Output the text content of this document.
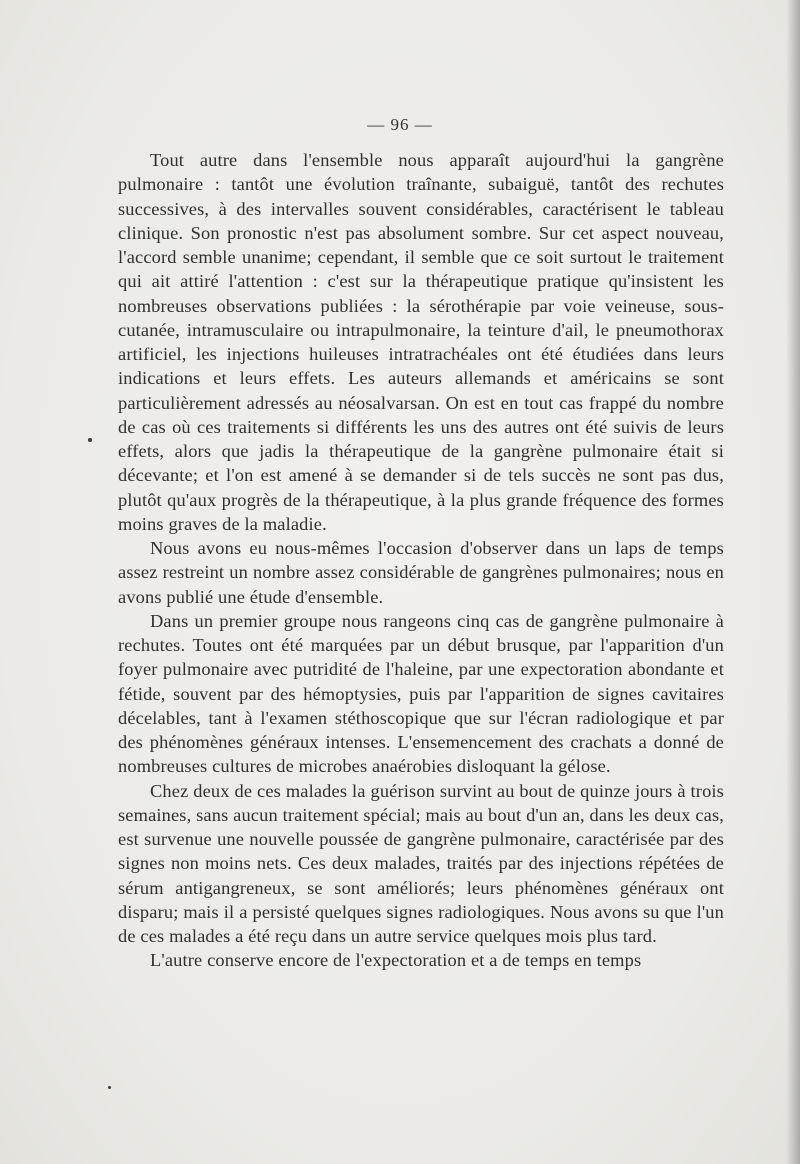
— 96 —

Tout autre dans l'ensemble nous apparaît aujourd'hui la gangrène pulmonaire : tantôt une évolution traînante, subaiguë, tantôt des rechutes successives, à des intervalles souvent considérables, caractérisent le tableau clinique. Son pronostic n'est pas absolument sombre. Sur cet aspect nouveau, l'accord semble unanime; cependant, il semble que ce soit surtout le traitement qui ait attiré l'attention : c'est sur la thérapeutique pratique qu'insistent les nombreuses observations publiées : la sérothérapie par voie veineuse, sous-cutanée, intramusculaire ou intrapulmonaire, la teinture d'ail, le pneumothorax artificiel, les injections huileuses intratrachéales ont été étudiées dans leurs indications et leurs effets. Les auteurs allemands et américains se sont particulièrement adressés au néosalvarsan. On est en tout cas frappé du nombre de cas où ces traitements si différents les uns des autres ont été suivis de leurs effets, alors que jadis la thérapeutique de la gangrène pulmonaire était si décevante; et l'on est amené à se demander si de tels succès ne sont pas dus, plutôt qu'aux progrès de la thérapeutique, à la plus grande fréquence des formes moins graves de la maladie.

Nous avons eu nous-mêmes l'occasion d'observer dans un laps de temps assez restreint un nombre assez considérable de gangrènes pulmonaires; nous en avons publié une étude d'ensemble.

Dans un premier groupe nous rangeons cinq cas de gangrène pulmonaire à rechutes. Toutes ont été marquées par un début brusque, par l'apparition d'un foyer pulmonaire avec putridité de l'haleine, par une expectoration abondante et fétide, souvent par des hémoptysies, puis par l'apparition de signes cavitaires décelables, tant à l'examen stéthoscopique que sur l'écran radiologique et par des phénomènes généraux intenses. L'ensemencement des crachats a donné de nombreuses cultures de microbes anaérobies disloquant la gélose.

Chez deux de ces malades la guérison survint au bout de quinze jours à trois semaines, sans aucun traitement spécial; mais au bout d'un an, dans les deux cas, est survenue une nouvelle poussée de gangrène pulmonaire, caractérisée par des signes non moins nets. Ces deux malades, traités par des injections répétées de sérum antigangreneux, se sont améliorés; leurs phénomènes généraux ont disparu; mais il a persisté quelques signes radiologiques. Nous avons su que l'un de ces malades a été reçu dans un autre service quelques mois plus tard.

L'autre conserve encore de l'expectoration et a de temps en temps
